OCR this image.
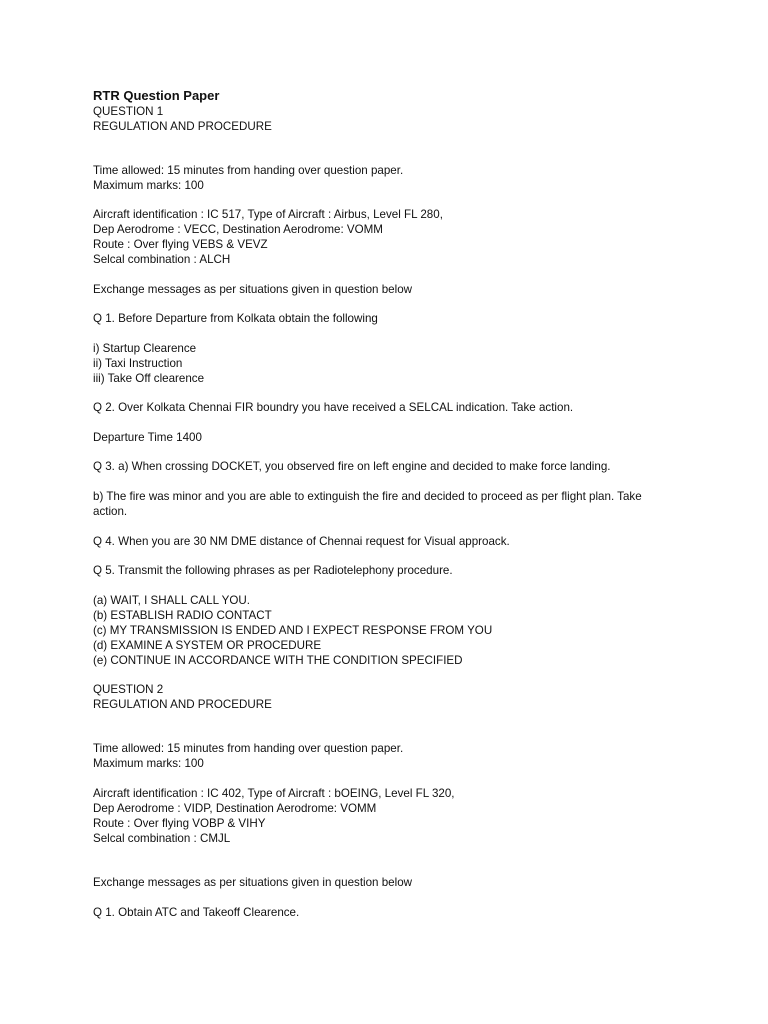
RTR Question Paper
QUESTION 1
REGULATION AND PROCEDURE
Time allowed: 15 minutes from handing over question paper.
Maximum marks: 100
Aircraft identification : IC 517, Type of Aircraft : Airbus, Level FL 280,
Dep Aerodrome : VECC, Destination Aerodrome: VOMM
Route : Over flying VEBS & VEVZ
Selcal combination : ALCH
Exchange messages as per situations given in question below
Q 1. Before Departure from Kolkata obtain the following
i) Startup Clearence
ii) Taxi Instruction
iii) Take Off clearence
Q 2. Over Kolkata Chennai FIR boundry you have received a SELCAL indication. Take action.
Departure Time 1400
Q 3. a) When crossing DOCKET, you observed fire on left engine and decided to make force landing.
b) The fire was minor and you are able to extinguish the fire and decided to proceed as per flight plan. Take
action.
Q 4. When you are 30 NM DME distance of Chennai request for Visual approack.
Q 5. Transmit the following phrases as per Radiotelephony procedure.
(a) WAIT, I SHALL CALL YOU.
(b) ESTABLISH RADIO CONTACT
(c) MY TRANSMISSION IS ENDED AND I EXPECT RESPONSE FROM YOU
(d) EXAMINE A SYSTEM OR PROCEDURE
(e) CONTINUE IN ACCORDANCE WITH THE CONDITION SPECIFIED
QUESTION 2
REGULATION AND PROCEDURE
Time allowed: 15 minutes from handing over question paper.
Maximum marks: 100
Aircraft identification : IC 402, Type of Aircraft : bOEING, Level FL 320,
Dep Aerodrome : VIDP, Destination Aerodrome: VOMM
Route : Over flying VOBP & VIHY
Selcal combination : CMJL
Exchange messages as per situations given in question below
Q 1. Obtain ATC and Takeoff Clearence.
